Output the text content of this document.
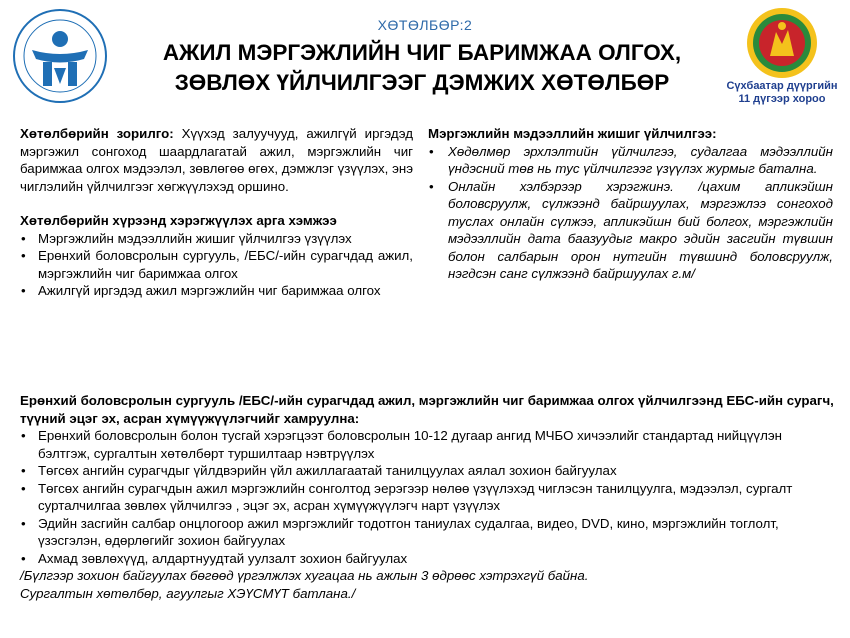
ХӨТӨЛБӨР:2
АЖИЛ МЭРГЭЖЛИЙН ЧИГ БАРИМЖАА ОЛГОХ,
ЗӨВЛӨХ ҮЙЛЧИЛГЭЭГ ДЭМЖИХ ХӨТӨЛБӨР	Сүхбаатар дүүргийн
11 дүгээр хороо

Хөтөлбөрийн зорилго: Хүүхэд залуучууд, ажилгүй иргэдэд мэргэжил сонгоход шаардлагатай ажил, мэргэжлийн чиг баримжаа олгох мэдээлэл, зөвлөгөө өгөх, дэмжлэг үзүүлэх, энэ чиглэлийн үйлчилгээг хөгжүүлэхэд оршино.

Хөтөлбөрийн хүрээнд хэрэгжүүлэх арга хэмжээ

• Мэргэжлийн мэдээллийн жишиг үйлчилгээ үзүүлэх
• Ерөнхий боловсролын сургууль, /ЕБС/-ийн сурагчдад ажил, мэргэжлийн чиг баримжаа олгох
• Ажилгүй иргэдэд ажил мэргэжлийн чиг баримжаа олгох

Мэргэжлийн мэдээллийн жишиг үйлчилгээ:

• Хөдөлмөр эрхлэлтийн үйлчилгээ, судалгаа мэдээллийн үндэсний төв нь тус үйлчилгээг үзүүлэх журмыг батална.
• Онлайн хэлбэрээр хэрэгжинэ. /цахим апликэйшн боловсруулж, сүлжээнд байршуулах, мэргэжлээ сонгоход туслах онлайн сүлжээ, апликэйшн бий болгох, мэргэжлийн мэдээллийн дата баазуудыг макро эдийн засгийн түвшин болон салбарын орон нутгийн түвшинд боловсруулж, нэгдсэн санг сүлжээнд байршуулах г.м/

Ерөнхий боловсролын сургууль /ЕБС/-ийн сурагчдад ажил, мэргэжлийн чиг баримжаа олгох үйлчилгээнд ЕБС-ийн сурагч, түүний эцэг эх, асран хүмүүжүүлэгчийг хамруулна:

• Ерөнхий боловсролын болон тусгай хэрэгцээт боловсролын 10-12 дугаар ангид МЧБО хичээлийг стандартад нийцүүлэн бэлтгэж, сургалтын хөтөлбөрт туршилтаар нэвтрүүлэх
• Төгсөх ангийн сурагчдыг үйлдвэрийн үйл ажиллагаатай танилцуулах аялал зохион байгуулах
• Төгсөх ангийн сурагчдын ажил мэргэжлийн сонголтод эерэгээр нөлөө үзүүлэхэд чиглэсэн танилцуулга, мэдээлэл, сургалт сурталчилгаа зөвлөх үйлчилгээ , эцэг эх, асран хүмүүжүүлэгч нарт үзүүлэх
• Эдийн засгийн салбар онцлогоор ажил мэргэжлийг тодотгон таниулах судалгаа, видео, DVD, кино, мэргэжлийн тоглолт, үзэсгэлэн, өдөрлөгийг зохион байгуулах
• Ахмад зөвлөхүүд, алдартнуудтай уулзалт зохион байгуулах

/Бүлгээр зохион байгуулах бөгөөд үргэлжлэх хугацаа нь ажлын 3 өдрөөс хэтрэхгүй байна.

Сургалтын хөтөлбөр, агуулгыг ХЭҮСМҮТ батлана./
